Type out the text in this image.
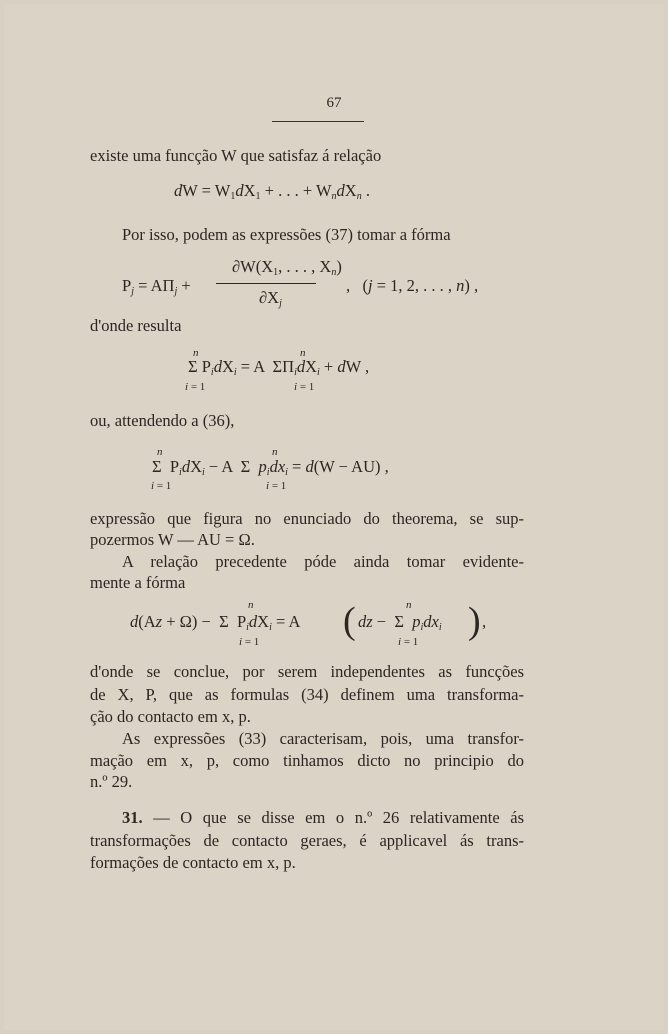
67
existe uma funcção W que satisfaz á relação
dW = $W_1dX_1$ + . . . + $W_ndX_n$ .
Por isso, podem as expressões (37) tomar a fórma
$P_j = A\Pi_j$ +
$\partial W(X_1$, . . . , $X_n$)
$\partial X_j$
,   (j = 1, 2, . . . , n) ,
d'onde resulta
n
Σ $P_idX_i = A$  $\Sigma\Pi_idX_i$ + dW ,
n
i = 1	i = 1
ou, attendendo a (36),
n	n
Σ  $P_idX_i - A$  Σ  $p_idx_i = d(W - AU)$ ,
i = 1	i = 1
expressão que figura no enunciado do theorema, se sup-
pozermos W — AU = Ω.
A relação precedente póde ainda tomar evidente-
mente a fórma
n	n
d(Az + Ω) −  Σ  $P_idX_i = A$ ( dz −  Σ  $p_idx_i$ ) ,
i = 1	i = 1
d'onde se conclue, por serem independentes as funcções
de X, P, que as formulas (34) definem uma transforma-
ção do contacto em x, p.
As expressões (33) caracterisam, pois, uma transfor-
mação em x, p, como tinhamos dicto no principio do
n.º 29.
31. — O que se disse em o n.º 26 relativamente ás
transformações de contacto geraes, é applicavel ás trans-
formações de contacto em x, p.
